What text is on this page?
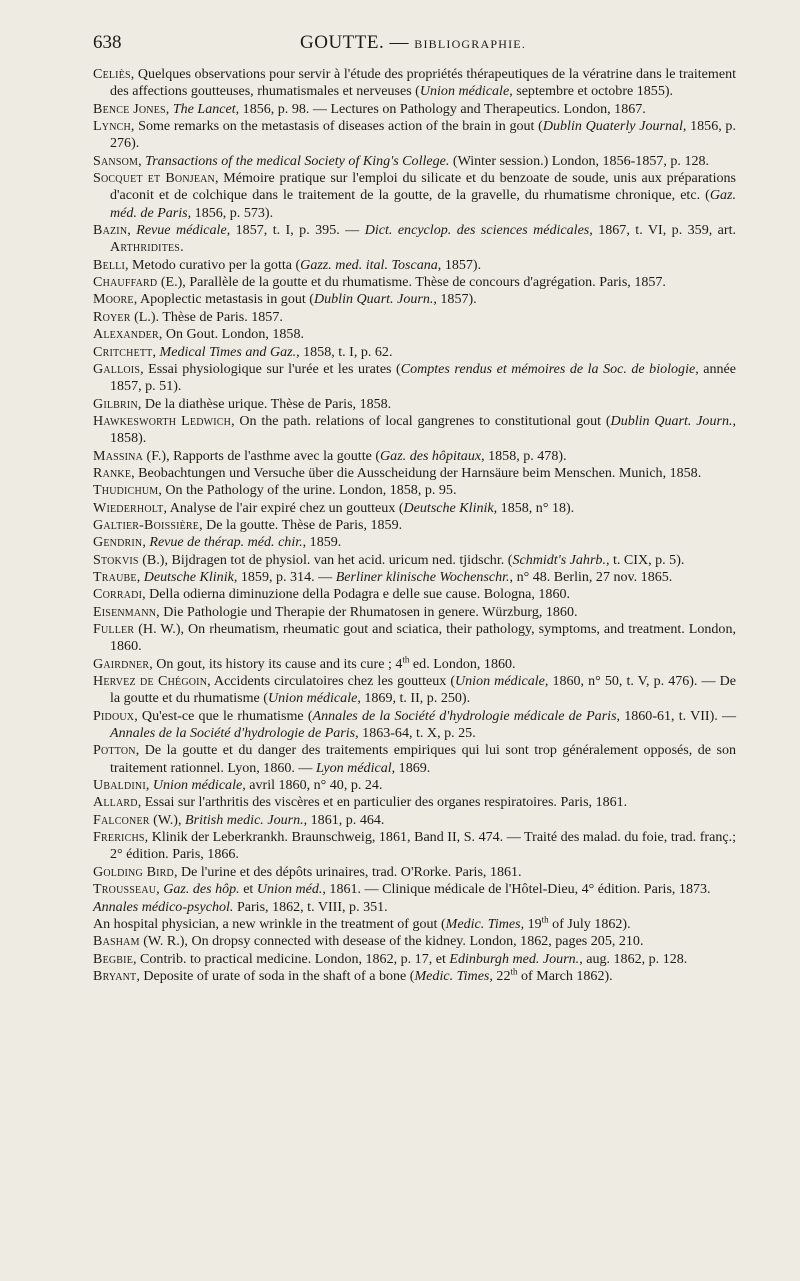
638	GOUTTE. — BIBLIOGRAPHIE.
Celiès, Quelques observations pour servir à l'étude des propriétés thérapeutiques de la vératrine dans le traitement des affections goutteuses, rhumatismales et nerveuses (Union médicale, septembre et octobre 1855).
Bence Jones, The Lancet, 1856, p. 98. — Lectures on Pathology and Therapeutics. London, 1867.
Lynch, Some remarks on the metastasis of diseases action of the brain in gout (Dublin Quaterly Journal, 1856, p. 276).
Sansom, Transactions of the medical Society of King's College. (Winter session.) London, 1856-1857, p. 128.
Socquet et Bonjean, Mémoire pratique sur l'emploi du silicate et du benzoate de soude, unis aux préparations d'aconit et de colchique dans le traitement de la goutte, de la gravelle, du rhumatisme chronique, etc. (Gaz. méd. de Paris, 1856, p. 573).
Bazin, Revue médicale, 1857, t. I, p. 395. — Dict. encyclop. des sciences médicales, 1867, t. VI, p. 359, art. Arthridites.
Belli, Metodo curativo per la gotta (Gazz. med. ital. Toscana, 1857).
Chauffard (E.), Parallèle de la goutte et du rhumatisme. Thèse de concours d'agrégation. Paris, 1857.
Moore, Apoplectic metastasis in gout (Dublin Quart. Journ., 1857).
Royer (L.). Thèse de Paris. 1857.
Alexander, On Gout. London, 1858.
Critchett, Medical Times and Gaz., 1858, t. I, p. 62.
Gallois, Essai physiologique sur l'urée et les urates (Comptes rendus et mémoires de la Soc. de biologie, année 1857, p. 51).
Gilbrin, De la diathèse urique. Thèse de Paris, 1858.
Hawkesworth Ledwich, On the path. relations of local gangrenes to constitutional gout (Dublin Quart. Journ., 1858).
Massina (F.), Rapports de l'asthme avec la goutte (Gaz. des hôpitaux, 1858, p. 478).
Ranke, Beobachtungen und Versuche über die Ausscheidung der Harnsäure beim Menschen. Munich, 1858.
Thudichum, On the Pathology of the urine. London, 1858, p. 95.
Wiederholt, Analyse de l'air expiré chez un goutteux (Deutsche Klinik, 1858, n° 18).
Galtier-Boissière, De la goutte. Thèse de Paris, 1859.
Gendrin, Revue de thérap. méd. chir., 1859.
Stokvis (B.), Bijdragen tot de physiol. van het acid. uricum ned. tjidschr. (Schmidt's Jahrb., t. CIX, p. 5).
Traube, Deutsche Klinik, 1859, p. 314. — Berliner klinische Wochenschr., n° 48. Berlin, 27 nov. 1865.
Corradi, Della odierna diminuzione della Podagra e delle sue cause. Bologna, 1860.
Eisenmann, Die Pathologie und Therapie der Rhumatosen in genere. Würzburg, 1860.
Fuller (H. W.), On rheumatism, rheumatic gout and sciatica, their pathology, symptoms, and treatment. London, 1860.
Gairdner, On gout, its history its cause and its cure ; 4th ed. London, 1860.
Hervez de Chégoin, Accidents circulatoires chez les goutteux (Union médicale, 1860, n° 50, t. V, p. 476). — De la goutte et du rhumatisme (Union médicale, 1869, t. II, p. 250).
Pidoux, Qu'est-ce que le rhumatisme (Annales de la Société d'hydrologie médicale de Paris, 1860-61, t. VII). — Annales de la Société d'hydrologie de Paris, 1863-64, t. X, p. 25.
Potton, De la goutte et du danger des traitements empiriques qui lui sont trop généralement opposés, de son traitement rationnel. Lyon, 1860. — Lyon médical, 1869.
Ubaldini, Union médicale, avril 1860, n° 40, p. 24.
Allard, Essai sur l'arthritis des viscères et en particulier des organes respiratoires. Paris, 1861.
Falconer (W.), British medic. Journ., 1861, p. 464.
Frerichs, Klinik der Leberkrankh. Braunschweig, 1861, Band II, S. 474. — Traité des malad. du foie, trad. franç.; 2° édition. Paris, 1866.
Golding Bird, De l'urine et des dépôts urinaires, trad. O'Rorke. Paris, 1861.
Trousseau, Gaz. des hôp. et Union méd., 1861. — Clinique médicale de l'Hôtel-Dieu, 4° édition. Paris, 1873.
Annales médico-psychol. Paris, 1862, t. VIII, p. 351.
An hospital physician, a new wrinkle in the treatment of gout (Medic. Times, 19th of July 1862).
Basham (W. R.), On dropsy connected with desease of the kidney. London, 1862, pages 205, 210.
Begbie, Contrib. to practical medicine. London, 1862, p. 17, et Edinburgh med. Journ., aug. 1862, p. 128.
Bryant, Deposite of urate of soda in the shaft of a bone (Medic. Times, 22th of March 1862).
